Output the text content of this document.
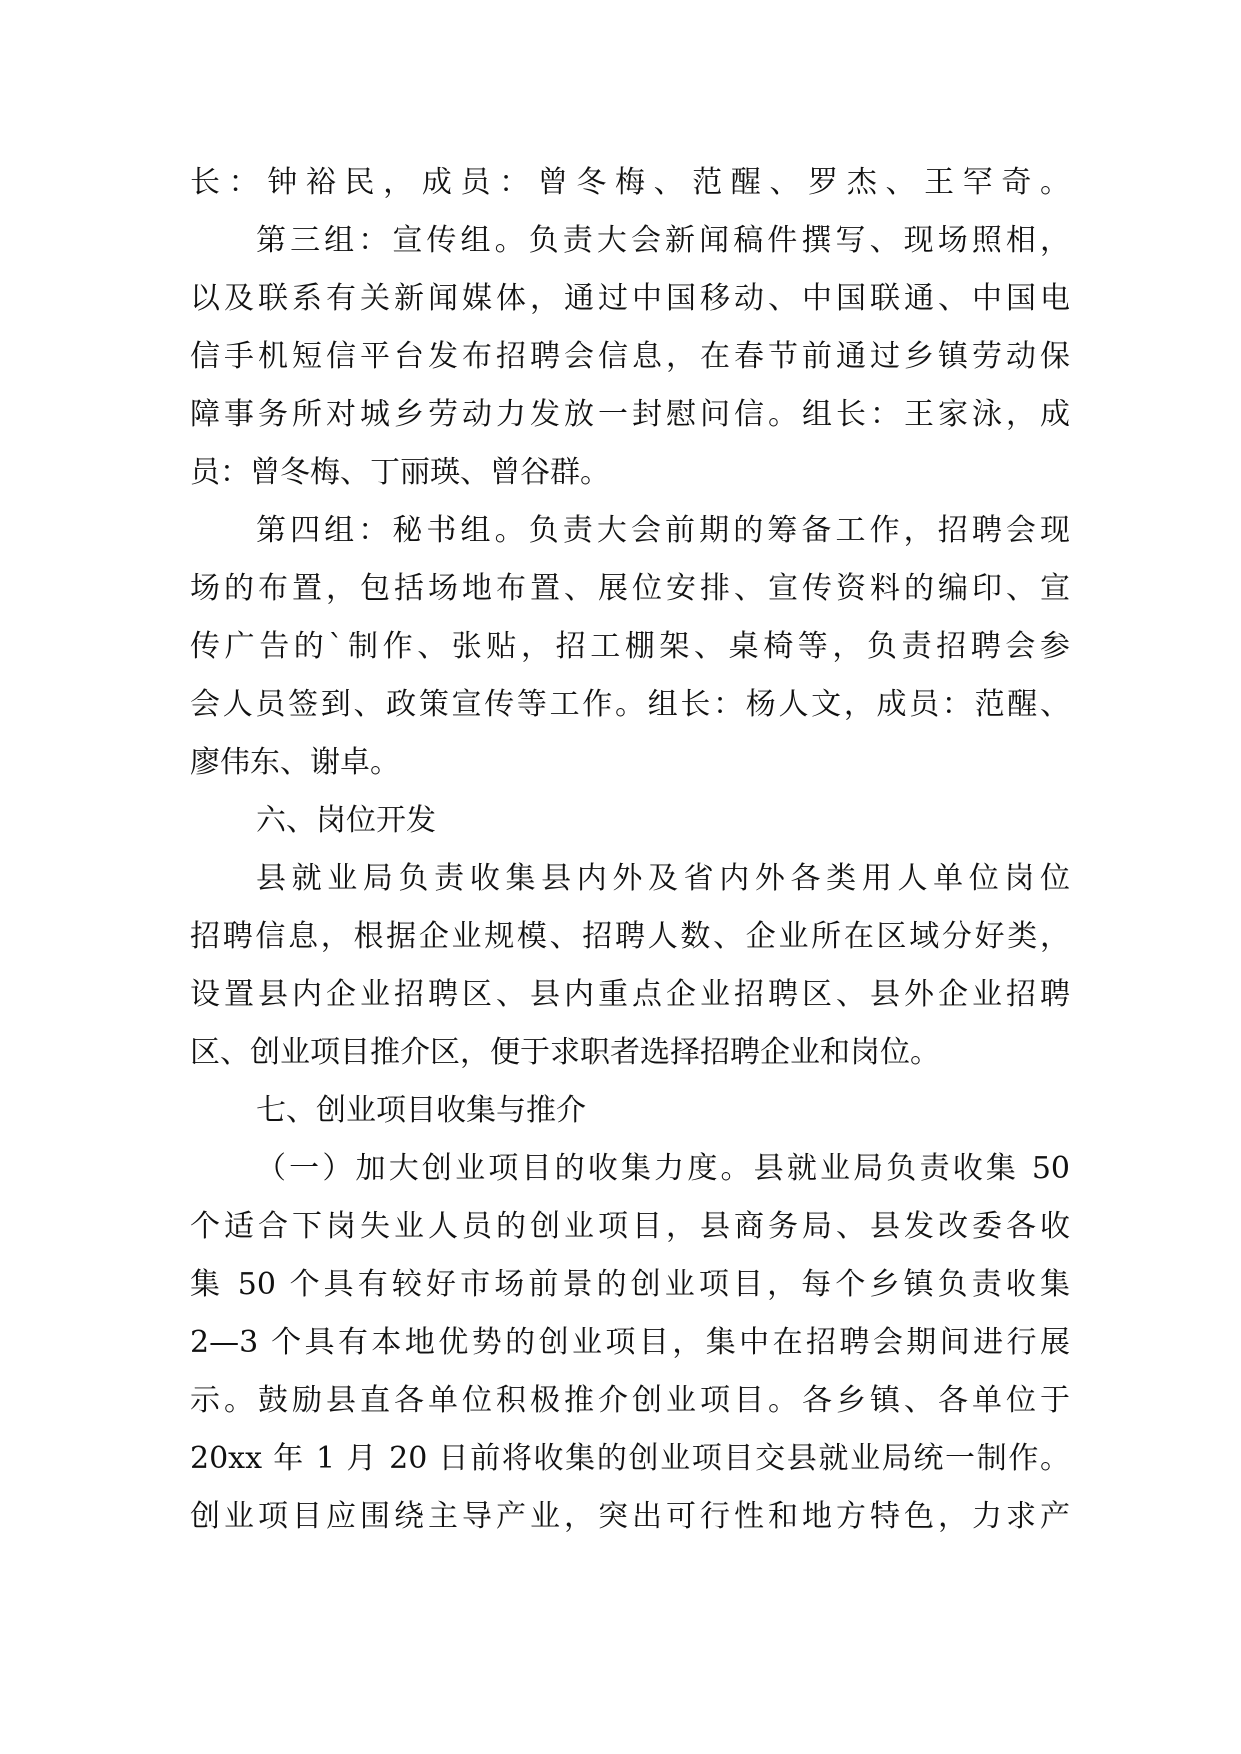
长：钟裕民，成员：曾冬梅、范醒、罗杰、王罕奇。
第三组：宣传组。负责大会新闻稿件撰写、现场照相，
以及联系有关新闻媒体，通过中国移动、中国联通、中国电
信手机短信平台发布招聘会信息，在春节前通过乡镇劳动保
障事务所对城乡劳动力发放一封慰问信。组长：王家泳，成
员：曾冬梅、丁丽瑛、曾谷群。
第四组：秘书组。负责大会前期的筹备工作，招聘会现
场的布置，包括场地布置、展位安排、宣传资料的编印、宣
传广告的`制作、张贴，招工棚架、桌椅等，负责招聘会参
会人员签到、政策宣传等工作。组长：杨人文，成员：范醒、
廖伟东、谢卓。
六、岗位开发
县就业局负责收集县内外及省内外各类用人单位岗位
招聘信息，根据企业规模、招聘人数、企业所在区域分好类，
设置县内企业招聘区、县内重点企业招聘区、县外企业招聘
区、创业项目推介区，便于求职者选择招聘企业和岗位。
七、创业项目收集与推介
（一）加大创业项目的收集力度。县就业局负责收集 50
个适合下岗失业人员的创业项目，县商务局、县发改委各收
集 50 个具有较好市场前景的创业项目，每个乡镇负责收集
2—3 个具有本地优势的创业项目，集中在招聘会期间进行展
示。鼓励县直各单位积极推介创业项目。各乡镇、各单位于
20xx 年 1 月 20 日前将收集的创业项目交县就业局统一制作。
创业项目应围绕主导产业，突出可行性和地方特色，力求产
